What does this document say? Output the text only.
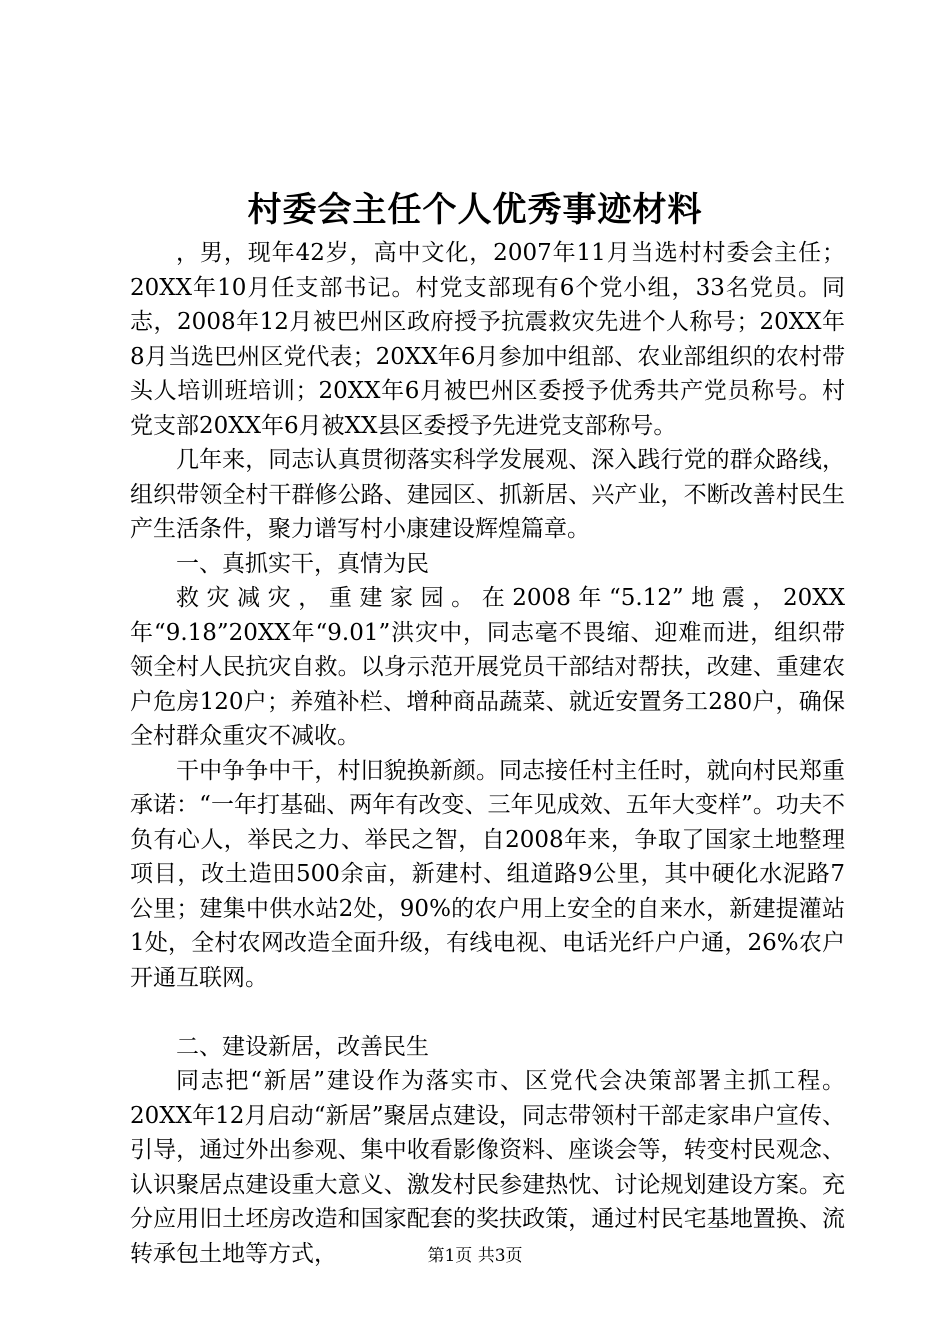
村委会主任个人优秀事迹材料

，男，现年42岁，高中文化，2007年11月当选村村委会主任；20XX年10月任支部书记。村党支部现有6个党小组，33名党员。同志，2008年12月被巴州区政府授予抗震救灾先进个人称号；20XX年8月当选巴州区党代表；20XX年6月参加中组部、农业部组织的农村带头人培训班培训；20XX年6月被巴州区委授予优秀共产党员称号。村党支部20XX年6月被XX县区委授予先进党支部称号。

几年来，同志认真贯彻落实科学发展观、深入践行党的群众路线，组织带领全村干群修公路、建园区、抓新居、兴产业，不断改善村民生产生活条件，聚力谱写村小康建设辉煌篇章。

一、真抓实干，真情为民

救灾减灾，重建家园。在2008年“5.12”地震，20XX年“9.18”20XX年“9.01”洪灾中，同志毫不畏缩、迎难而进，组织带领全村人民抗灾自救。以身示范开展党员干部结对帮扶，改建、重建农户危房120户；养殖补栏、增种商品蔬菜、就近安置务工280户，确保全村群众重灾不减收。

干中争争中干，村旧貌换新颜。同志接任村主任时，就向村民郑重承诺：“一年打基础、两年有改变、三年见成效、五年大变样”。功夫不负有心人，举民之力、举民之智，自2008年来，争取了国家土地整理项目，改土造田500余亩，新建村、组道路9公里，其中硬化水泥路7公里；建集中供水站2处，90%的农户用上安全的自来水，新建提灌站1处，全村农网改造全面升级，有线电视、电话光纤户户通，26%农户开通互联网。

二、建设新居，改善民生

同志把“新居”建设作为落实市、区党代会决策部署主抓工程。20XX年12月启动“新居”聚居点建设，同志带领村干部走家串户宣传、引导，通过外出参观、集中收看影像资料、座谈会等，转变村民观念、认识聚居点建设重大意义、激发村民参建热忱、讨论规划建设方案。充分应用旧土坯房改造和国家配套的奖扶政策，通过村民宅基地置换、流转承包土地等方式，	第1页 共3页
